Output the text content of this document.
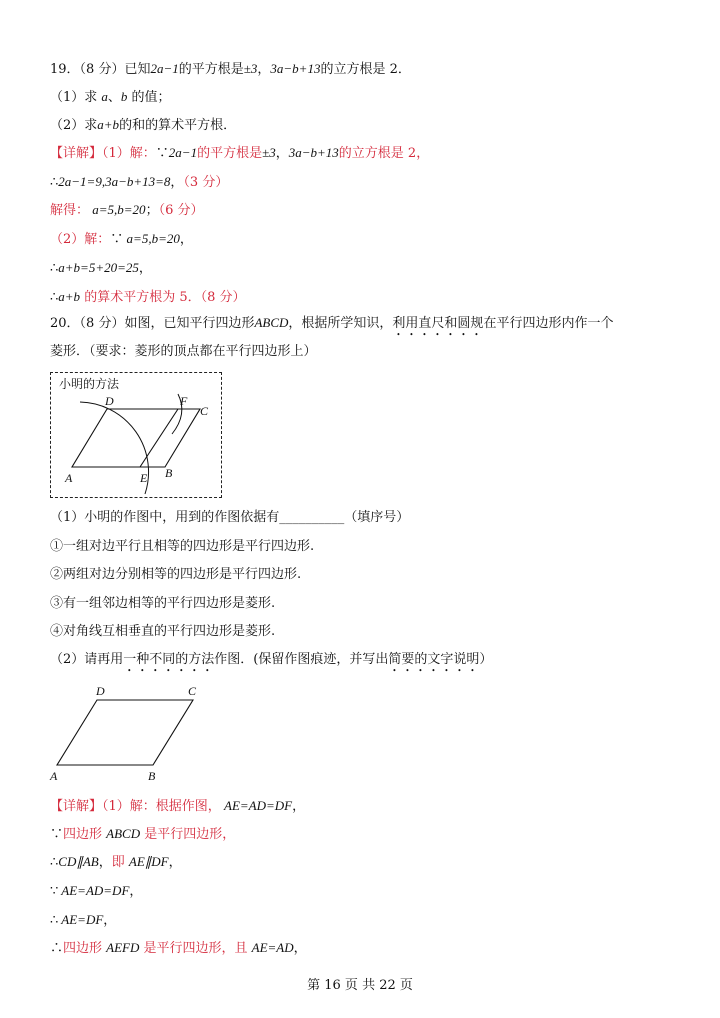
19．（8 分）已知2a−1的平方根是±3，3a−b+13的立方根是 2．
（1）求 a、b 的值；
（2）求a+b的和的算术平方根．
【详解】（1）解：∵2a−1的平方根是±3，3a−b+13的立方根是 2，
∴2a−1=9,3a−b+13=8，（3 分）
解得： a=5,b=20；（6 分）
（2）解：∵ a=5,b=20，
∴a+b=5+20=25，
∴a+b 的算术平方根为 5．（8 分）
20．（8 分）如图，已知平行四边形ABCD，根据所学知识，利用直尺和圆规在平行四边形内作一个
菱形．（要求：菱形的顶点都在平行四边形上）
（1）小明的作图中，用到的作图依据有__________（填序号）
①一组对边平行且相等的四边形是平行四边形.
②两组对边分别相等的四边形是平行四边形.
③有一组邻边相等的平行四边形是菱形.
④对角线互相垂直的平行四边形是菱形.
（2）请再用一种不同的方法作图．(保留作图痕迹，并写出简要的文字说明）
【详解】（1）解：根据作图， AE=AD=DF，
∵四边形 ABCD 是平行四边形，
∴CD∥AB，即 AE∥DF，
∵ AE=AD=DF，
∴ AE=DF，
∴四边形 AEFD 是平行四边形，且 AE=AD，
小明的方法
A	B
C
D
E
F
A	B
C
D
第 16 页 共 22 页
